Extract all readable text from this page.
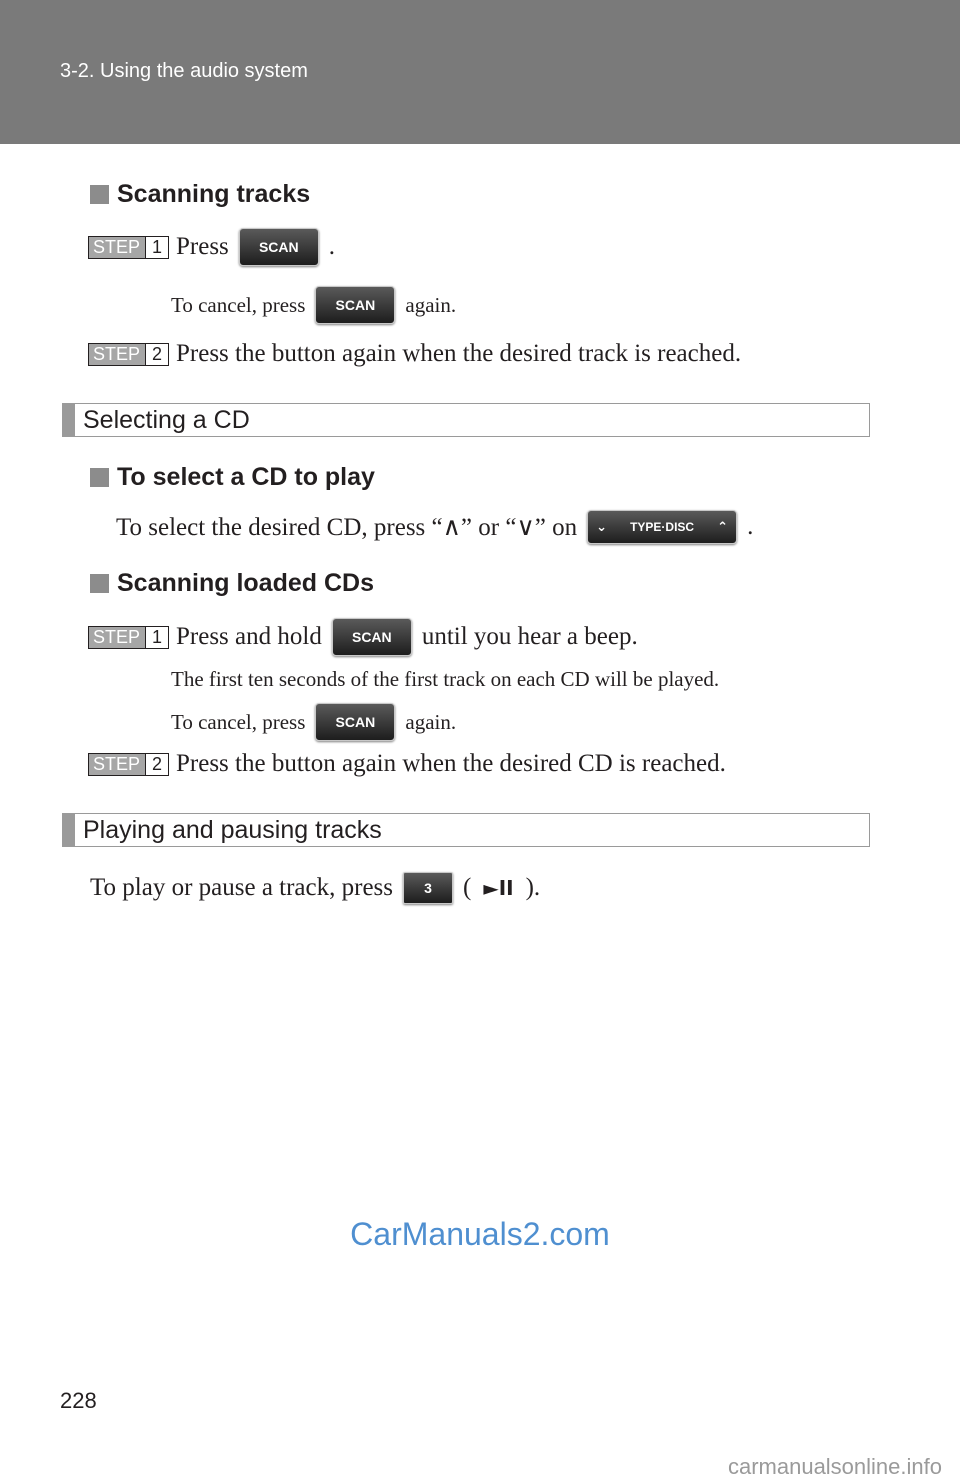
3-2. Using the audio system
Scanning tracks
STEP 1 Press	SCAN	.
To cancel, press	SCAN	again.
STEP 2 Press the button again when the desired track is reached.
Selecting a CD
To select a CD to play
To select the desired CD, press “∧” or “∨” on ⌄ TYPE·DISC ⌃ .
Scanning loaded CDs
STEP 1 Press and hold	SCAN	until you hear a beep.
The first ten seconds of the first track on each CD will be played.
To cancel, press	SCAN	again.
STEP 2 Press the button again when the desired CD is reached.
Playing and pausing tracks
To play or pause a track, press	3	( ►II ).
CarManuals2.com
228
carmanualsonline.info
